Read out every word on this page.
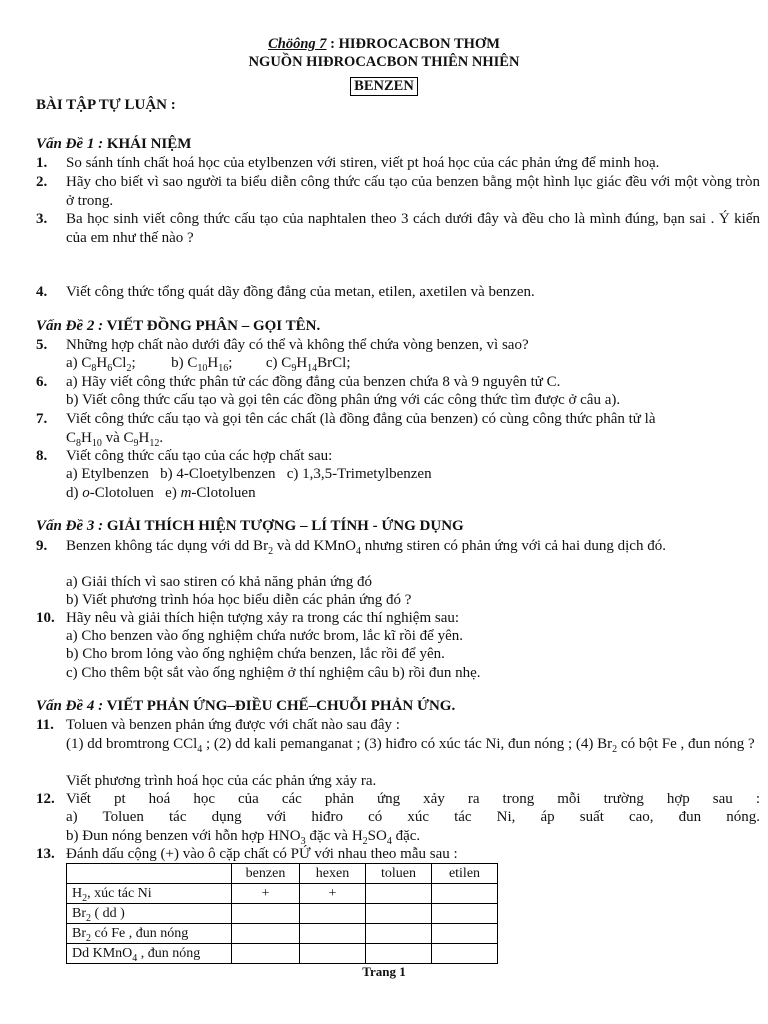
Chöông 7 : HIĐROCACBON THƠM
NGUỒN HIĐROCACBON THIÊN NHIÊN
BENZEN
BÀI TẬP TỰ LUẬN :
Vấn Đề 1 : KHÁI NIỆM
1. So sánh tính chất hoá học của etylbenzen với stiren, viết pt hoá học của các phản ứng để minh hoạ.
2. Hãy cho biết vì sao người ta biểu diễn công thức cấu tạo của benzen bằng một hình lục giác đều với một vòng tròn ở trong.
3. Ba học sinh viết công thức cấu tạo của naphtalen theo 3 cách dưới đây và đều cho là mình đúng, bạn sai . Ý kiến của em như thế nào ?
4. Viết công thức tổng quát dãy đồng đẳng của metan, etilen, axetilen và benzen.
Vấn Đề 2 : VIẾT ĐỒNG PHÂN – GỌI TÊN.
5. Những hợp chất nào dưới đây có thể và không thể chứa vòng benzen, vì sao?
a) $C_8H_6Cl_2$; b) $C_{10}H_{16}$; c) $C_9H_{14}BrCl$;
6. a) Hãy viết công thức phân tử các đồng đẳng của benzen chứa 8 và 9 nguyên tử C.
b) Viết công thức cấu tạo và gọi tên các đồng phân ứng với các công thức tìm được ở câu a).
7. Viết công thức cấu tạo và gọi tên các chất (là đồng đẳng của benzen) có cùng công thức phân tử là
$C_8H_{10}$ và $C_9H_{12}$.
8. Viết công thức cấu tạo của các hợp chất sau:
a) Etylbenzen   b) 4-Cloetylbenzen   c) 1,3,5-Trimetylbenzen
d) o-Clotoluen   e) m-Clotoluen
Vấn Đề 3 : GIẢI THÍCH HIỆN TƯỢNG – LÍ TÍNH - ỨNG DỤNG
9. Benzen không tác dụng với dd $Br_2$ và dd KMnO$_4$ nhưng stiren có phản ứng với cả hai dung dịch đó.
a) Giải thích vì sao stiren có khả năng phản ứng đó
b) Viết phương trình hóa học biểu diễn các phản ứng đó ?
10. Hãy nêu và giải thích hiện tượng xảy ra trong các thí nghiệm sau:
a) Cho benzen vào ống nghiệm chứa nước brom, lắc kĩ rồi để yên.
b) Cho brom lỏng vào ống nghiệm chứa benzen, lắc rồi để yên.
c) Cho thêm bột sắt vào ống nghiệm ở thí nghiệm câu b) rồi đun nhẹ.
Vấn Đề 4 : VIẾT PHẢN ỨNG–ĐIỀU CHẾ–CHUỖI PHẢN ỨNG.
11. Toluen và benzen phản ứng được với chất nào sau đây :
(1) dd bromtrong CCl$_4$ ; (2) dd kali pemanganat ; (3) hiđro có xúc tác Ni, đun nóng ; (4) $Br_2$ có bột Fe , đun nóng ?
Viết phương trình hoá học của các phản ứng xảy ra.
12. Viết pt hoá học của các phản ứng xảy ra trong mỗi trường hợp sau :
a) Toluen tác dụng với hiđro có xúc tác Ni, áp suất cao, đun nóng.
b) Đun nóng benzen với hỗn hợp $HNO_3$ đặc và $H_2SO_4$ đặc.
13. Đánh dấu cộng (+) vào ô cặp chất có PỨ với nhau theo mẫu sau :
	benzen	hexen	toluen	etilen
$H_2$, xúc tác Ni	+	+		
$Br_2$ ( dd )				
$Br_2$ có Fe , đun nóng				
Dd KMnO$_4$ , đun nóng				
Trang 1
